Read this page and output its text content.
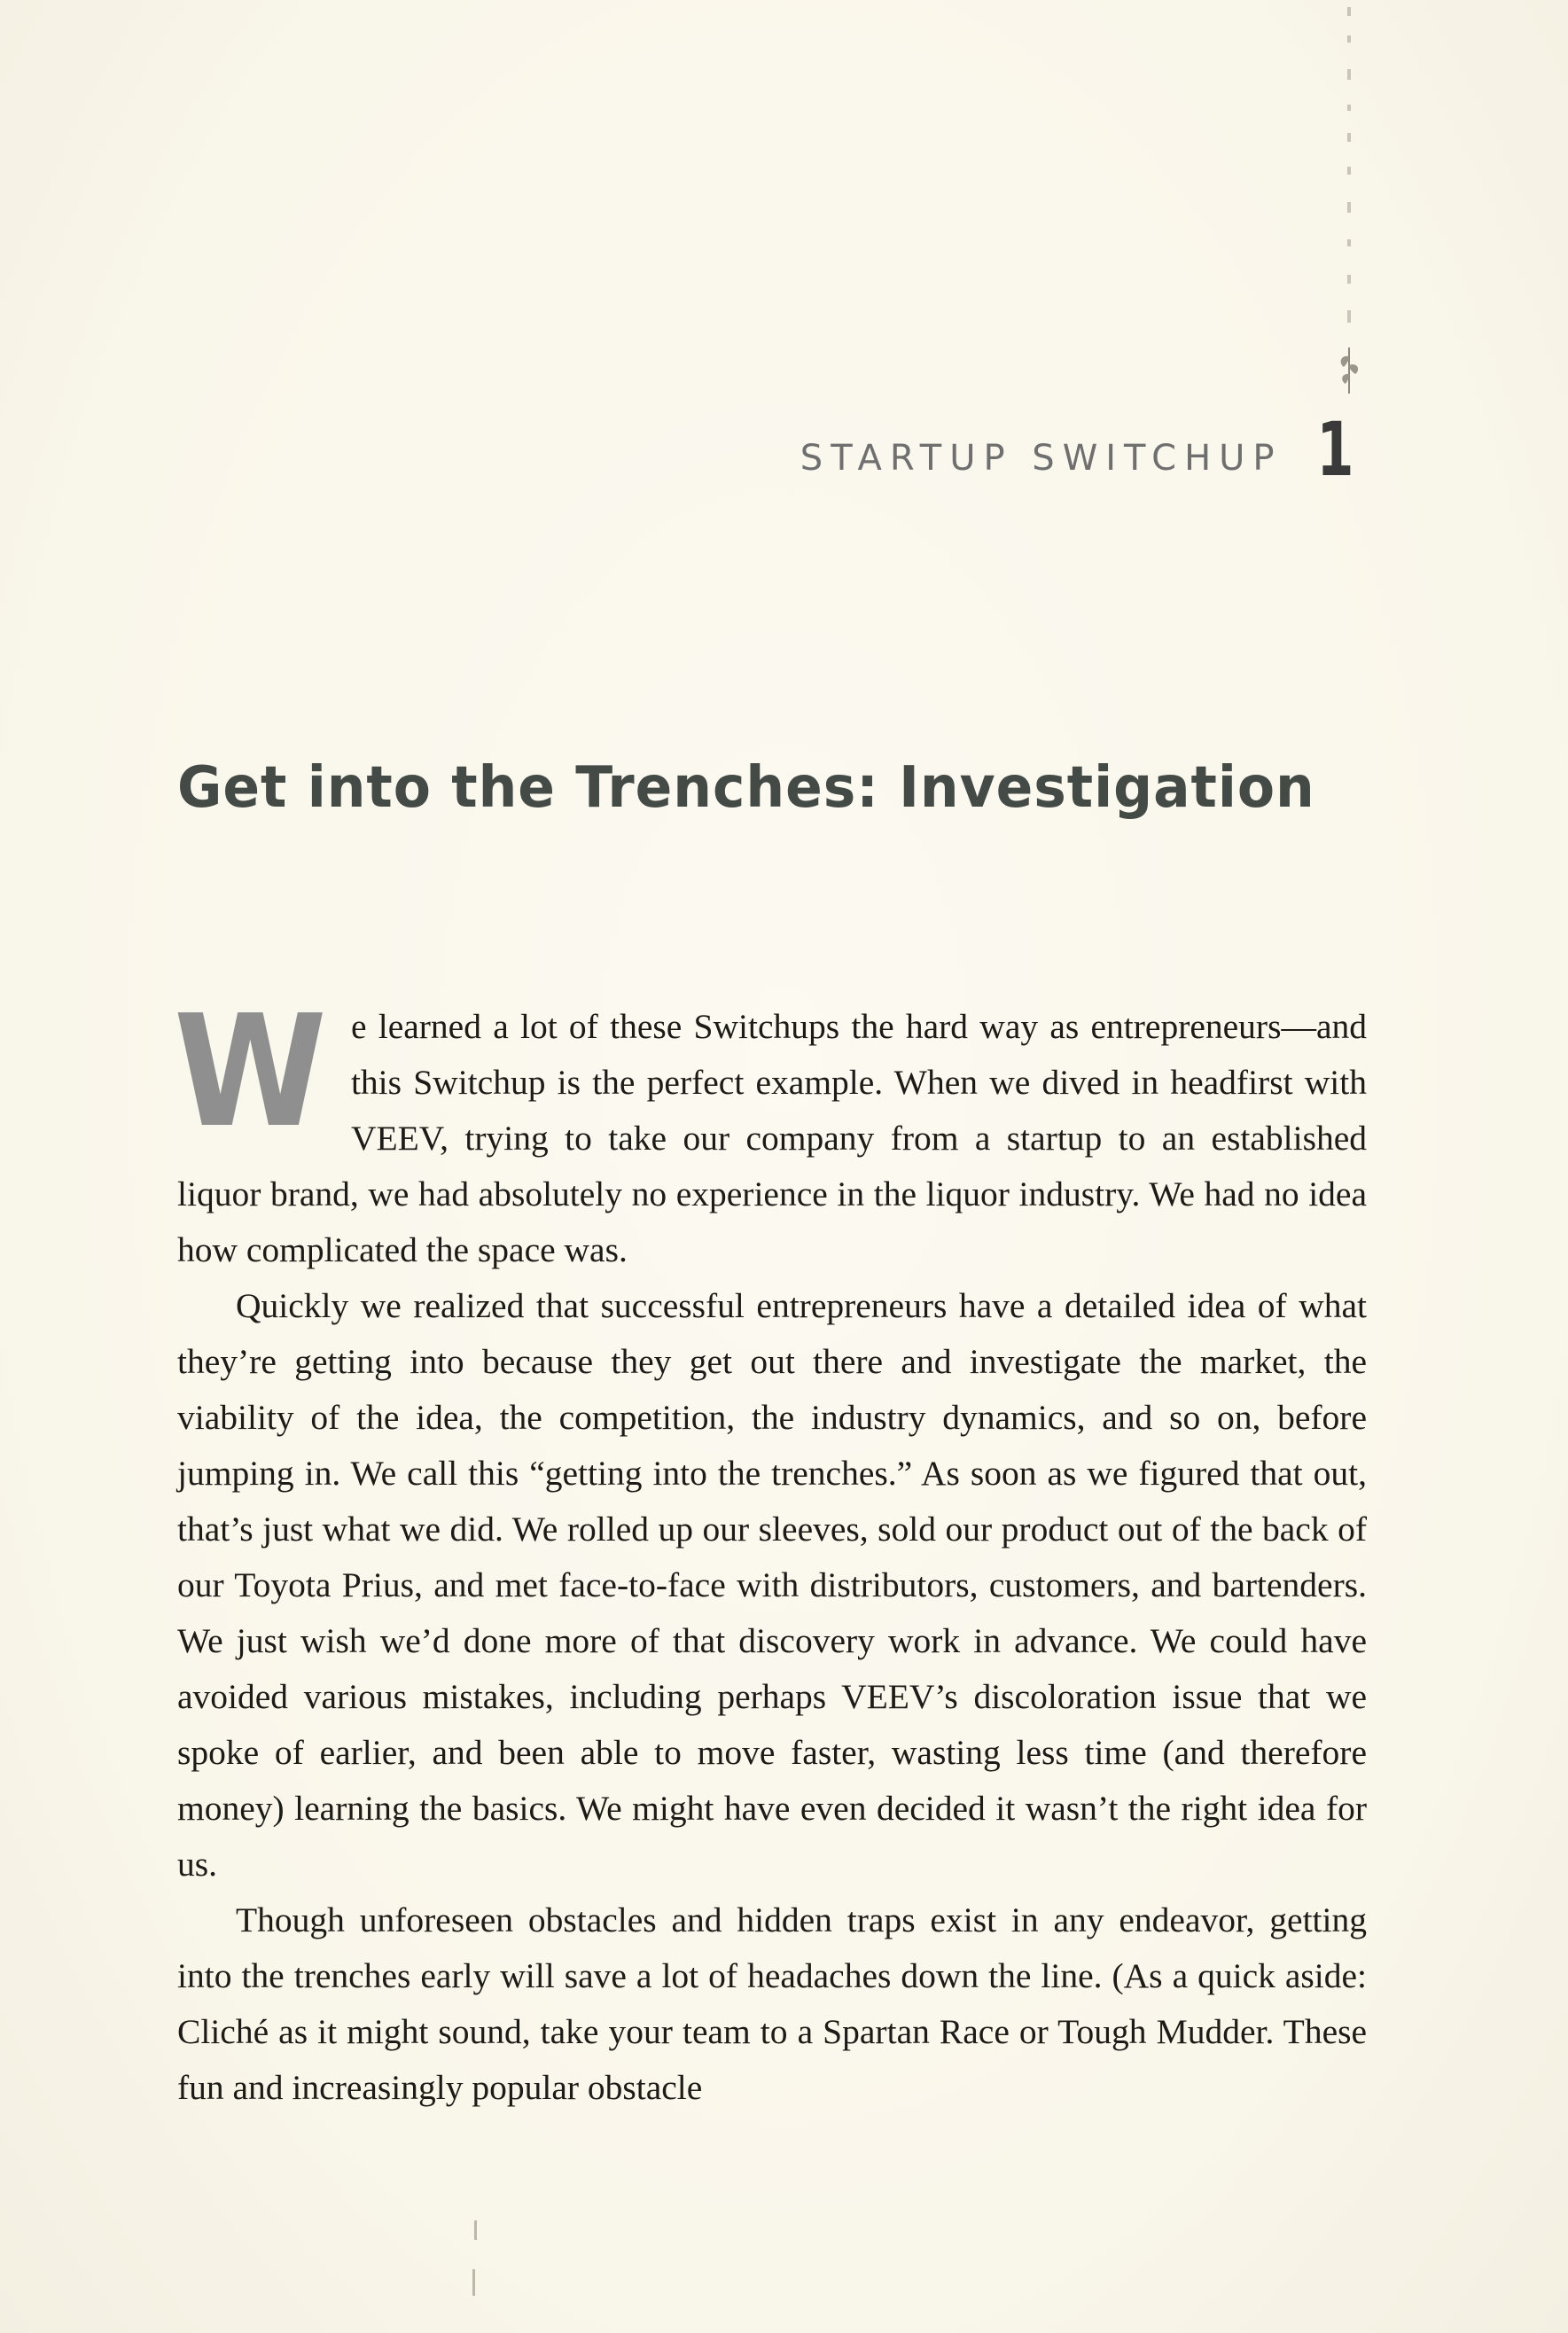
STARTUP SWITCHUP 1
Get into the Trenches: Investigation

We learned a lot of these Switchups the hard way as entrepreneurs—and this Switchup is the perfect example. When we dived in headfirst with VEEV, trying to take our company from a startup to an established liquor brand, we had absolutely no experience in the liquor industry. We had no idea how complicated the space was.

Quickly we realized that successful entrepreneurs have a detailed idea of what they’re getting into because they get out there and investigate the market, the viability of the idea, the competition, the industry dynamics, and so on, before jumping in. We call this “getting into the trenches.” As soon as we figured that out, that’s just what we did. We rolled up our sleeves, sold our product out of the back of our Toyota Prius, and met face-to-face with distributors, customers, and bartenders. We just wish we’d done more of that discovery work in advance. We could have avoided various mistakes, including perhaps VEEV’s discoloration issue that we spoke of earlier, and been able to move faster, wasting less time (and therefore money) learning the basics. We might have even decided it wasn’t the right idea for us.

Though unforeseen obstacles and hidden traps exist in any endeavor, getting into the trenches early will save a lot of headaches down the line. (As a quick aside: Cliché as it might sound, take your team to a Spartan Race or Tough Mudder. These fun and increasingly popular obstacle
